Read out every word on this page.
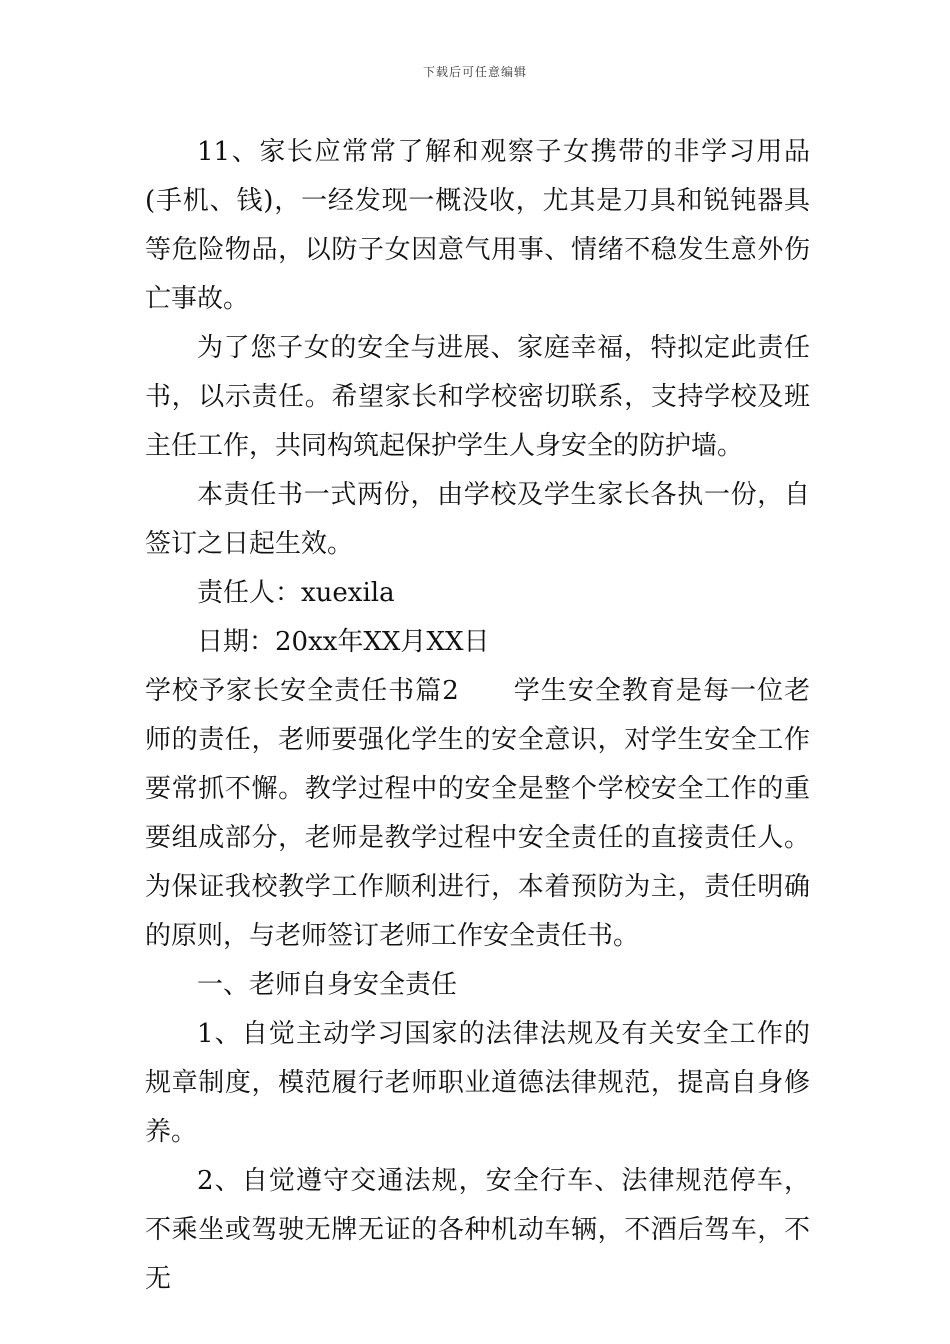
下载后可任意编辑

11、家长应常常了解和观察子女携带的非学习用品(手机、钱)，一经发现一概没收，尤其是刀具和锐钝器具等危险物品，以防子女因意气用事、情绪不稳发生意外伤亡事故。

为了您子女的安全与进展、家庭幸福，特拟定此责任书，以示责任。希望家长和学校密切联系，支持学校及班主任工作，共同构筑起保护学生人身安全的防护墙。

本责任书一式两份，由学校及学生家长各执一份，自签订之日起生效。

责任人：xuexila

日期：20xx年XX月XX日

学校予家长安全责任书篇2　　学生安全教育是每一位老师的责任，老师要强化学生的安全意识，对学生安全工作要常抓不懈。教学过程中的安全是整个学校安全工作的重要组成部分，老师是教学过程中安全责任的直接责任人。为保证我校教学工作顺利进行，本着预防为主，责任明确的原则，与老师签订老师工作安全责任书。

一、老师自身安全责任

1、自觉主动学习国家的法律法规及有关安全工作的规章制度，模范履行老师职业道德法律规范，提高自身修养。

2、自觉遵守交通法规，安全行车、法律规范停车，不乘坐或驾驶无牌无证的各种机动车辆，不酒后驾车，不无
